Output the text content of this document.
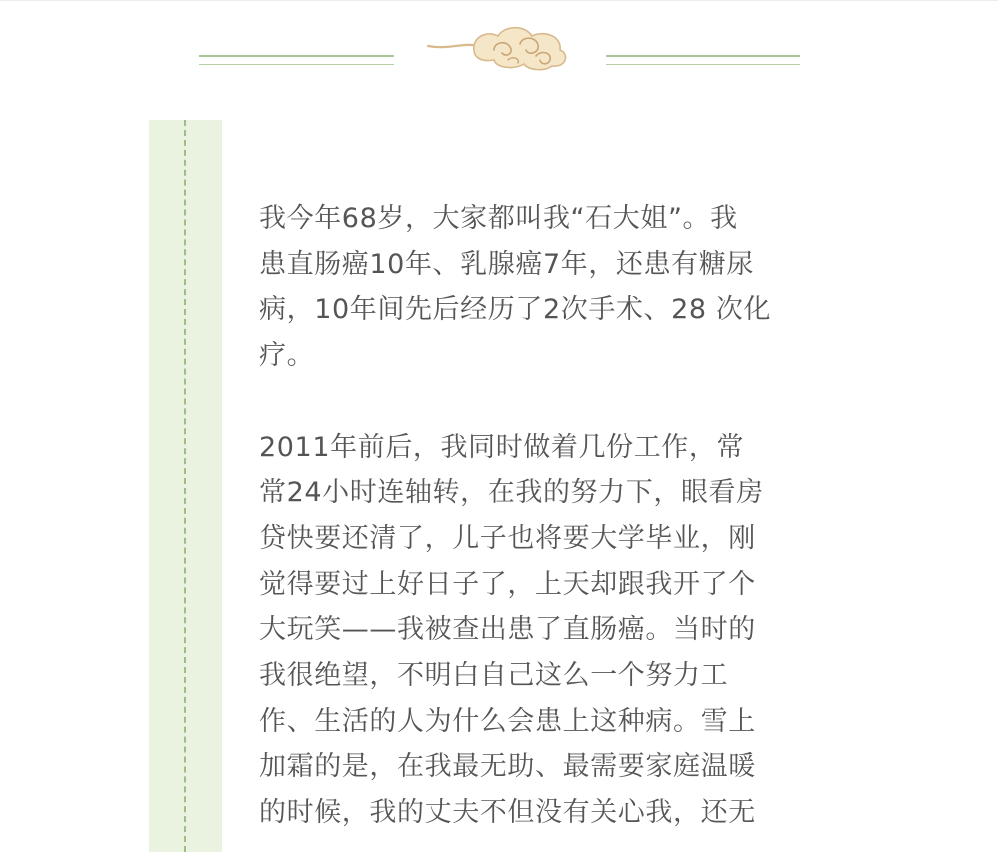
我今年68岁，大家都叫我“石大姐”。我
患直肠癌10年、乳腺癌7年，还患有糖尿
病，10年间先后经历了2次手术、28 次化
疗。

2011年前后，我同时做着几份工作，常
常24小时连轴转，在我的努力下，眼看房
贷快要还清了，儿子也将要大学毕业，刚
觉得要过上好日子了，上天却跟我开了个
大玩笑——我被查出患了直肠癌。当时的
我很绝望，不明白自己这么一个努力工
作、生活的人为什么会患上这种病。雪上
加霜的是，在我最无助、最需要家庭温暖
的时候，我的丈夫不但没有关心我，还无
